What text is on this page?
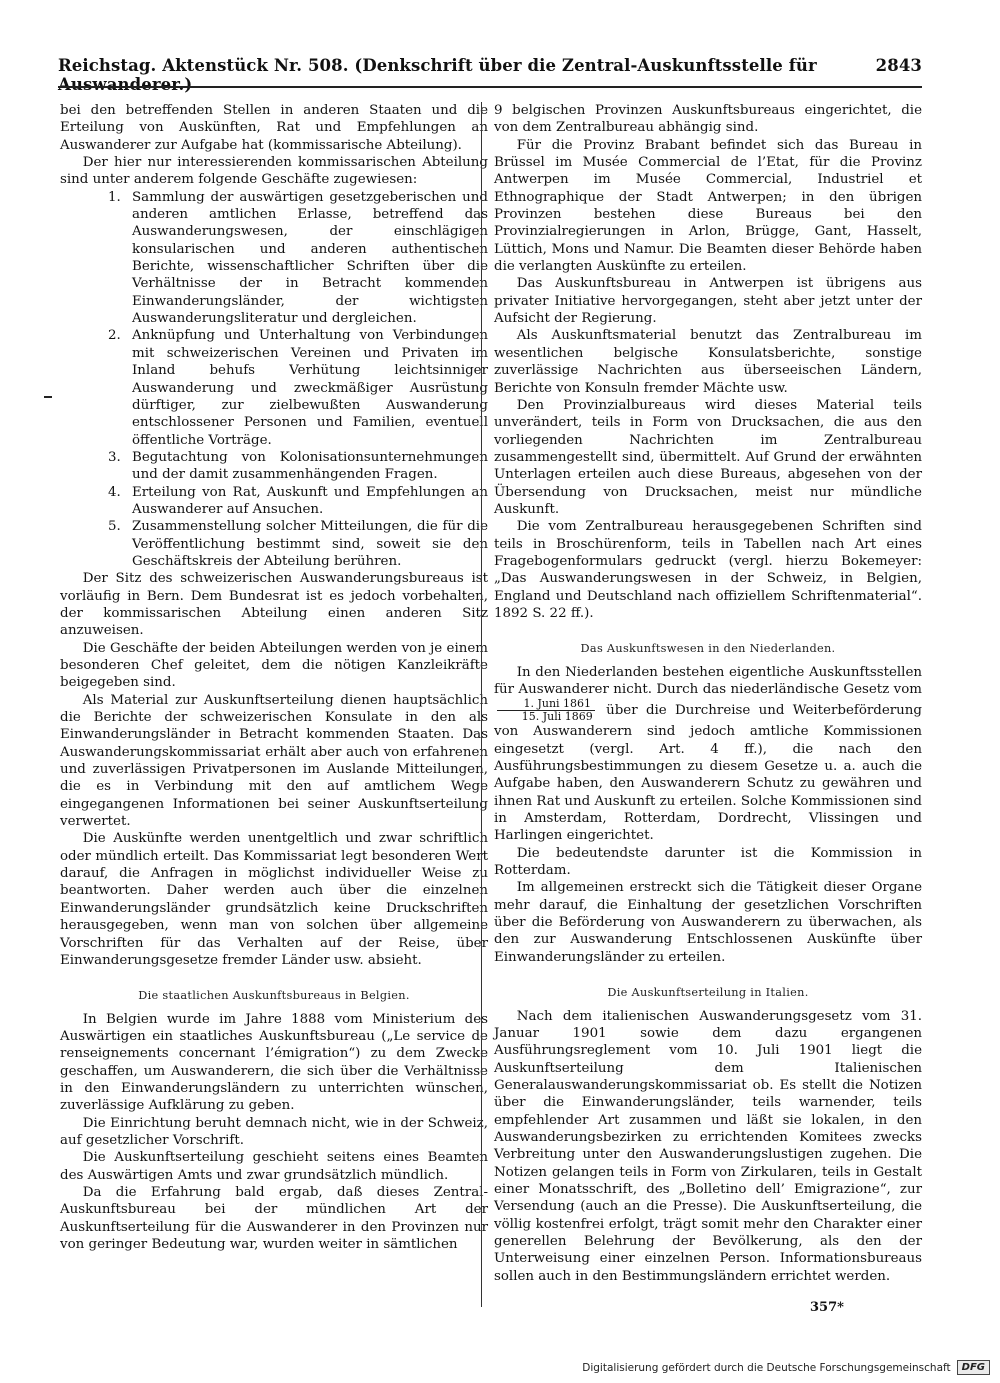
Reichstag. Aktenstück Nr. 508. (Denkschrift über die Zentral-Auskunftsstelle für Auswanderer.)
2843

bei den betreffenden Stellen in anderen Staaten und die Erteilung von Auskünften, Rat und Empfehlungen an Auswanderer zur Aufgabe hat (kommissarische Abteilung).

Der hier nur interessierenden kommissarischen Abteilung sind unter anderem folgende Geschäfte zugewiesen:

1. Sammlung der auswärtigen gesetzgeberischen und anderen amtlichen Erlasse, betreffend das Auswanderungswesen, der einschlägigen konsularischen und anderen authentischen Berichte, wissenschaftlicher Schriften über die Verhältnisse der in Betracht kommenden Einwanderungsländer, der wichtigsten Auswanderungsliteratur und dergleichen.
2. Anknüpfung und Unterhaltung von Verbindungen mit schweizerischen Vereinen und Privaten im Inland behufs Verhütung leichtsinniger Auswanderung und zweckmäßiger Ausrüstung dürftiger, zur zielbewußten Auswanderung entschlossener Personen und Familien, eventuell öffentliche Vorträge.
3. Begutachtung von Kolonisationsunternehmungen und der damit zusammenhängenden Fragen.
4. Erteilung von Rat, Auskunft und Empfehlungen an Auswanderer auf Ansuchen.
5. Zusammenstellung solcher Mitteilungen, die für die Veröffentlichung bestimmt sind, soweit sie den Geschäftskreis der Abteilung berühren.

Der Sitz des schweizerischen Auswanderungsbureaus ist vorläufig in Bern. Dem Bundesrat ist es jedoch vorbehalten, der kommissarischen Abteilung einen anderen Sitz anzuweisen.

Die Geschäfte der beiden Abteilungen werden von je einem besonderen Chef geleitet, dem die nötigen Kanzleikräfte beigegeben sind.

Als Material zur Auskunftserteilung dienen hauptsächlich die Berichte der schweizerischen Konsulate in den als Einwanderungsländer in Betracht kommenden Staaten. Das Auswanderungskommissariat erhält aber auch von erfahrenen und zuverlässigen Privatpersonen im Auslande Mitteilungen, die es in Verbindung mit den auf amtlichem Wege eingegangenen Informationen bei seiner Auskunftserteilung verwertet.

Die Auskünfte werden unentgeltlich und zwar schriftlich oder mündlich erteilt. Das Kommissariat legt besonderen Wert darauf, die Anfragen in möglichst individueller Weise zu beantworten. Daher werden auch über die einzelnen Einwanderungsländer grundsätzlich keine Druckschriften herausgegeben, wenn man von solchen über allgemeine Vorschriften für das Verhalten auf der Reise, über Einwanderungsgesetze fremder Länder usw. absieht.

Die staatlichen Auskunftsbureaus in Belgien.

In Belgien wurde im Jahre 1888 vom Ministerium des Auswärtigen ein staatliches Auskunftsbureau („Le service de renseignements concernant l’émigration“) zu dem Zwecke geschaffen, um Auswanderern, die sich über die Verhältnisse in den Einwanderungsländern zu unterrichten wünschen, zuverlässige Aufklärung zu geben.

Die Einrichtung beruht demnach nicht, wie in der Schweiz, auf gesetzlicher Vorschrift.

Die Auskunftserteilung geschieht seitens eines Beamten des Auswärtigen Amts und zwar grundsätzlich mündlich.

Da die Erfahrung bald ergab, daß dieses Zentral-Auskunftsbureau bei der mündlichen Art der Auskunftserteilung für die Auswanderer in den Provinzen nur von geringer Bedeutung war, wurden weiter in sämtlichen

9 belgischen Provinzen Auskunftsbureaus eingerichtet, die von dem Zentralbureau abhängig sind.

Für die Provinz Brabant befindet sich das Bureau in Brüssel im Musée Commercial de l’Etat, für die Provinz Antwerpen im Musée Commercial, Industriel et Ethnographique der Stadt Antwerpen; in den übrigen Provinzen bestehen diese Bureaus bei den Provinzialregierungen in Arlon, Brügge, Gant, Hasselt, Lüttich, Mons und Namur. Die Beamten dieser Behörde haben die verlangten Auskünfte zu erteilen.

Das Auskunftsbureau in Antwerpen ist übrigens aus privater Initiative hervorgegangen, steht aber jetzt unter der Aufsicht der Regierung.

Als Auskunftsmaterial benutzt das Zentralbureau im wesentlichen belgische Konsulatsberichte, sonstige zuverlässige Nachrichten aus überseeischen Ländern, Berichte von Konsuln fremder Mächte usw.

Den Provinzialbureaus wird dieses Material teils unverändert, teils in Form von Drucksachen, die aus den vorliegenden Nachrichten im Zentralbureau zusammengestellt sind, übermittelt. Auf Grund der erwähnten Unterlagen erteilen auch diese Bureaus, abgesehen von der Übersendung von Drucksachen, meist nur mündliche Auskunft.

Die vom Zentralbureau herausgegebenen Schriften sind teils in Broschürenform, teils in Tabellen nach Art eines Fragebogenformulars gedruckt (vergl. hierzu Bokemeyer: „Das Auswanderungswesen in der Schweiz, in Belgien, England und Deutschland nach offiziellem Schriftenmaterial“. 1892 S. 22 ff.).

Das Auskunftswesen in den Niederlanden.

In den Niederlanden bestehen eigentliche Auskunftsstellen für Auswanderer nicht. Durch das niederländische Gesetz vom
$\frac{\text{1. Juni 1861}}{\text{15. Juli 1869}}$ über die Durchreise und Weiterbeförderung von Auswanderern sind jedoch amtliche Kommissionen eingesetzt (vergl. Art. 4 ff.), die nach den Ausführungsbestimmungen zu diesem Gesetze u. a. auch die Aufgabe haben, den Auswanderern Schutz zu gewähren und ihnen Rat und Auskunft zu erteilen. Solche Kommissionen sind in Amsterdam, Rotterdam, Dordrecht, Vlissingen und Harlingen eingerichtet.

Die bedeutendste darunter ist die Kommission in Rotterdam.

Im allgemeinen erstreckt sich die Tätigkeit dieser Organe mehr darauf, die Einhaltung der gesetzlichen Vorschriften über die Beförderung von Auswanderern zu überwachen, als den zur Auswanderung Entschlossenen Auskünfte über Einwanderungsländer zu erteilen.

Die Auskunftserteilung in Italien.

Nach dem italienischen Auswanderungsgesetz vom 31. Januar 1901 sowie dem dazu ergangenen Ausführungsreglement vom 10. Juli 1901 liegt die Auskunftserteilung dem Italienischen Generalauswanderungskommissariat ob. Es stellt die Notizen über die Einwanderungsländer, teils warnender, teils empfehlender Art zusammen und läßt sie lokalen, in den Auswanderungsbezirken zu errichtenden Komitees zwecks Verbreitung unter den Auswanderungslustigen zugehen. Die Notizen gelangen teils in Form von Zirkularen, teils in Gestalt einer Monatsschrift, des „Bolletino dell’ Emigrazione“, zur Versendung (auch an die Presse). Die Auskunftserteilung, die völlig kostenfrei erfolgt, trägt somit mehr den Charakter einer generellen Belehrung der Bevölkerung, als den der Unterweisung einer einzelnen Person. Informationsbureaus sollen auch in den Bestimmungsländern errichtet werden.

357*
Digitalisierung gefördert durch die Deutsche Forschungsgemeinschaft	DFG
